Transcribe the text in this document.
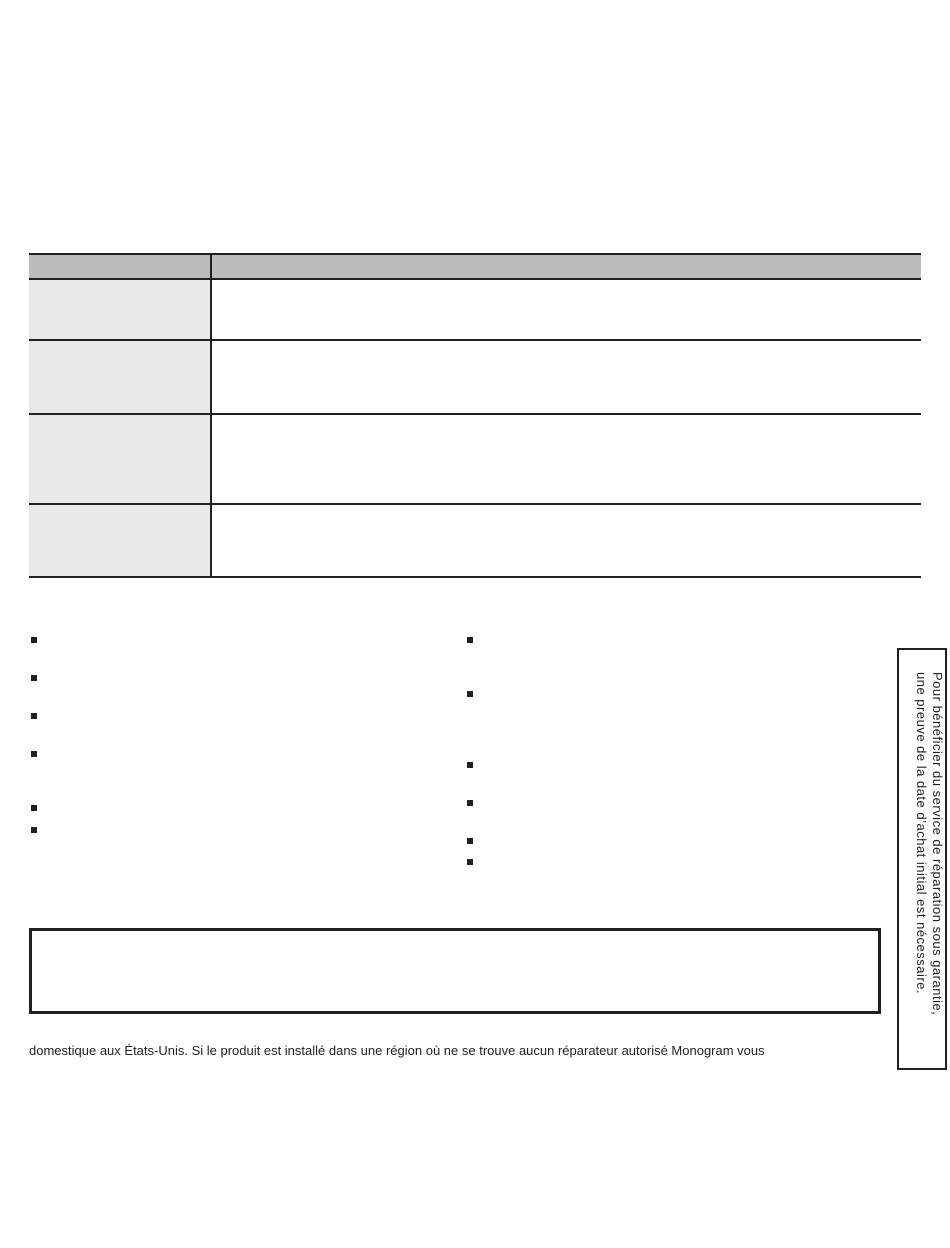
domestique aux États-Unis. Si le produit est installé dans une région où ne se trouve aucun réparateur autorisé Monogram vous
Pour bénéficier du service de réparation sous garantie,
une preuve de la date d’achat initial est nécessaire.
